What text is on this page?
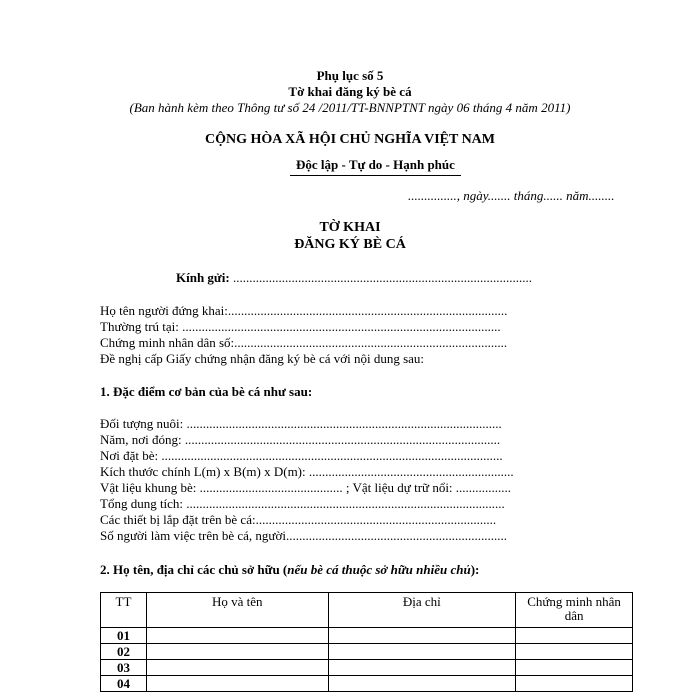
Phụ lục số 5
Tờ khai đăng ký bè cá
(Ban hành kèm theo Thông tư số 24 /2011/TT-BNNPTNT ngày 06 tháng 4 năm 2011)
CỘNG HÒA XÃ HỘI CHỦ NGHĨA VIỆT NAM
Độc lập - Tự do - Hạnh phúc
..............., ngày....... tháng...... năm........
TỜ KHAI
ĐĂNG KÝ BÈ CÁ
Kính gửi: ............................................................................................
Họ tên người đứng khai:......................................................................................
Thường trú tại: ..................................................................................................
Chứng minh nhân dân số:....................................................................................
Đề nghị cấp Giấy chứng nhận đăng ký bè cá với nội dung sau:
1. Đặc điểm cơ bản của bè cá như sau:
Đối tượng nuôi: .................................................................................................
Năm, nơi đóng: .................................................................................................
Nơi đặt bè: .........................................................................................................
Kích thước chính L(m) x B(m) x D(m): ...............................................................
Vật liệu khung bè: ............................................ ; Vật liệu dự trữ nổi: .................
Tổng dung tích: ..................................................................................................
Các thiết bị lắp đặt trên bè cá:..........................................................................
Số người làm việc trên bè cá, người....................................................................
2. Họ tên, địa chỉ các chủ sở hữu (nếu bè cá thuộc sở hữu nhiều chủ):
TT	Họ và tên	Địa chỉ	Chứng minh nhân dân
01			
02			
03			
04			
